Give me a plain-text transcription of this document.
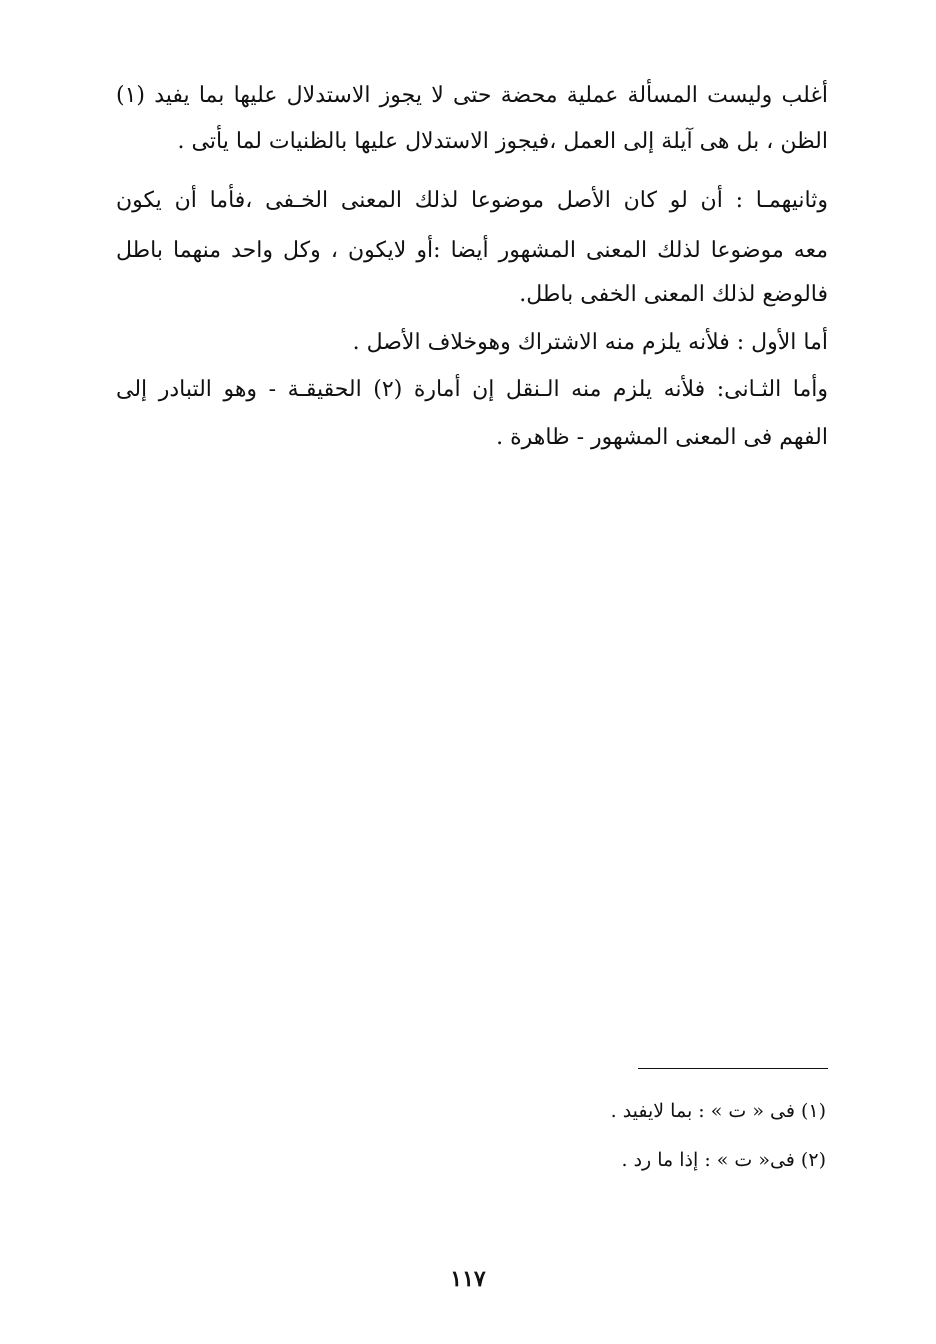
أغلب وليست المسألة عملية محضة حتى لا يجوز الاستدلال عليها بما يفيد (١)
الظن ، بل هى آيلة إلى العمل ،فيجوز الاستدلال عليها بالظنيات لما يأتى .
وثانيهمـا : أن لو كان الأصل موضوعا لذلك المعنى الخـفى ،فأما أن يكون
معه موضوعا لذلك المعنى المشهور أيضا :أو لايكون ، وكل واحد منهما باطل
فالوضع لذلك المعنى الخفى باطل.
أما الأول : فلأنه يلزم منه الاشتراك وهوخلاف الأصل .
وأما الثـانى: فلأنه يلزم منه الـنقل إن أمارة (٢) الحقيقـة - وهو التبادر إلى
الفهم فى المعنى المشهور - ظاهرة .
(١) فى « ت » : بما لايفيد .
(٢) فى« ت » : إذا ما رد .
١١٧
